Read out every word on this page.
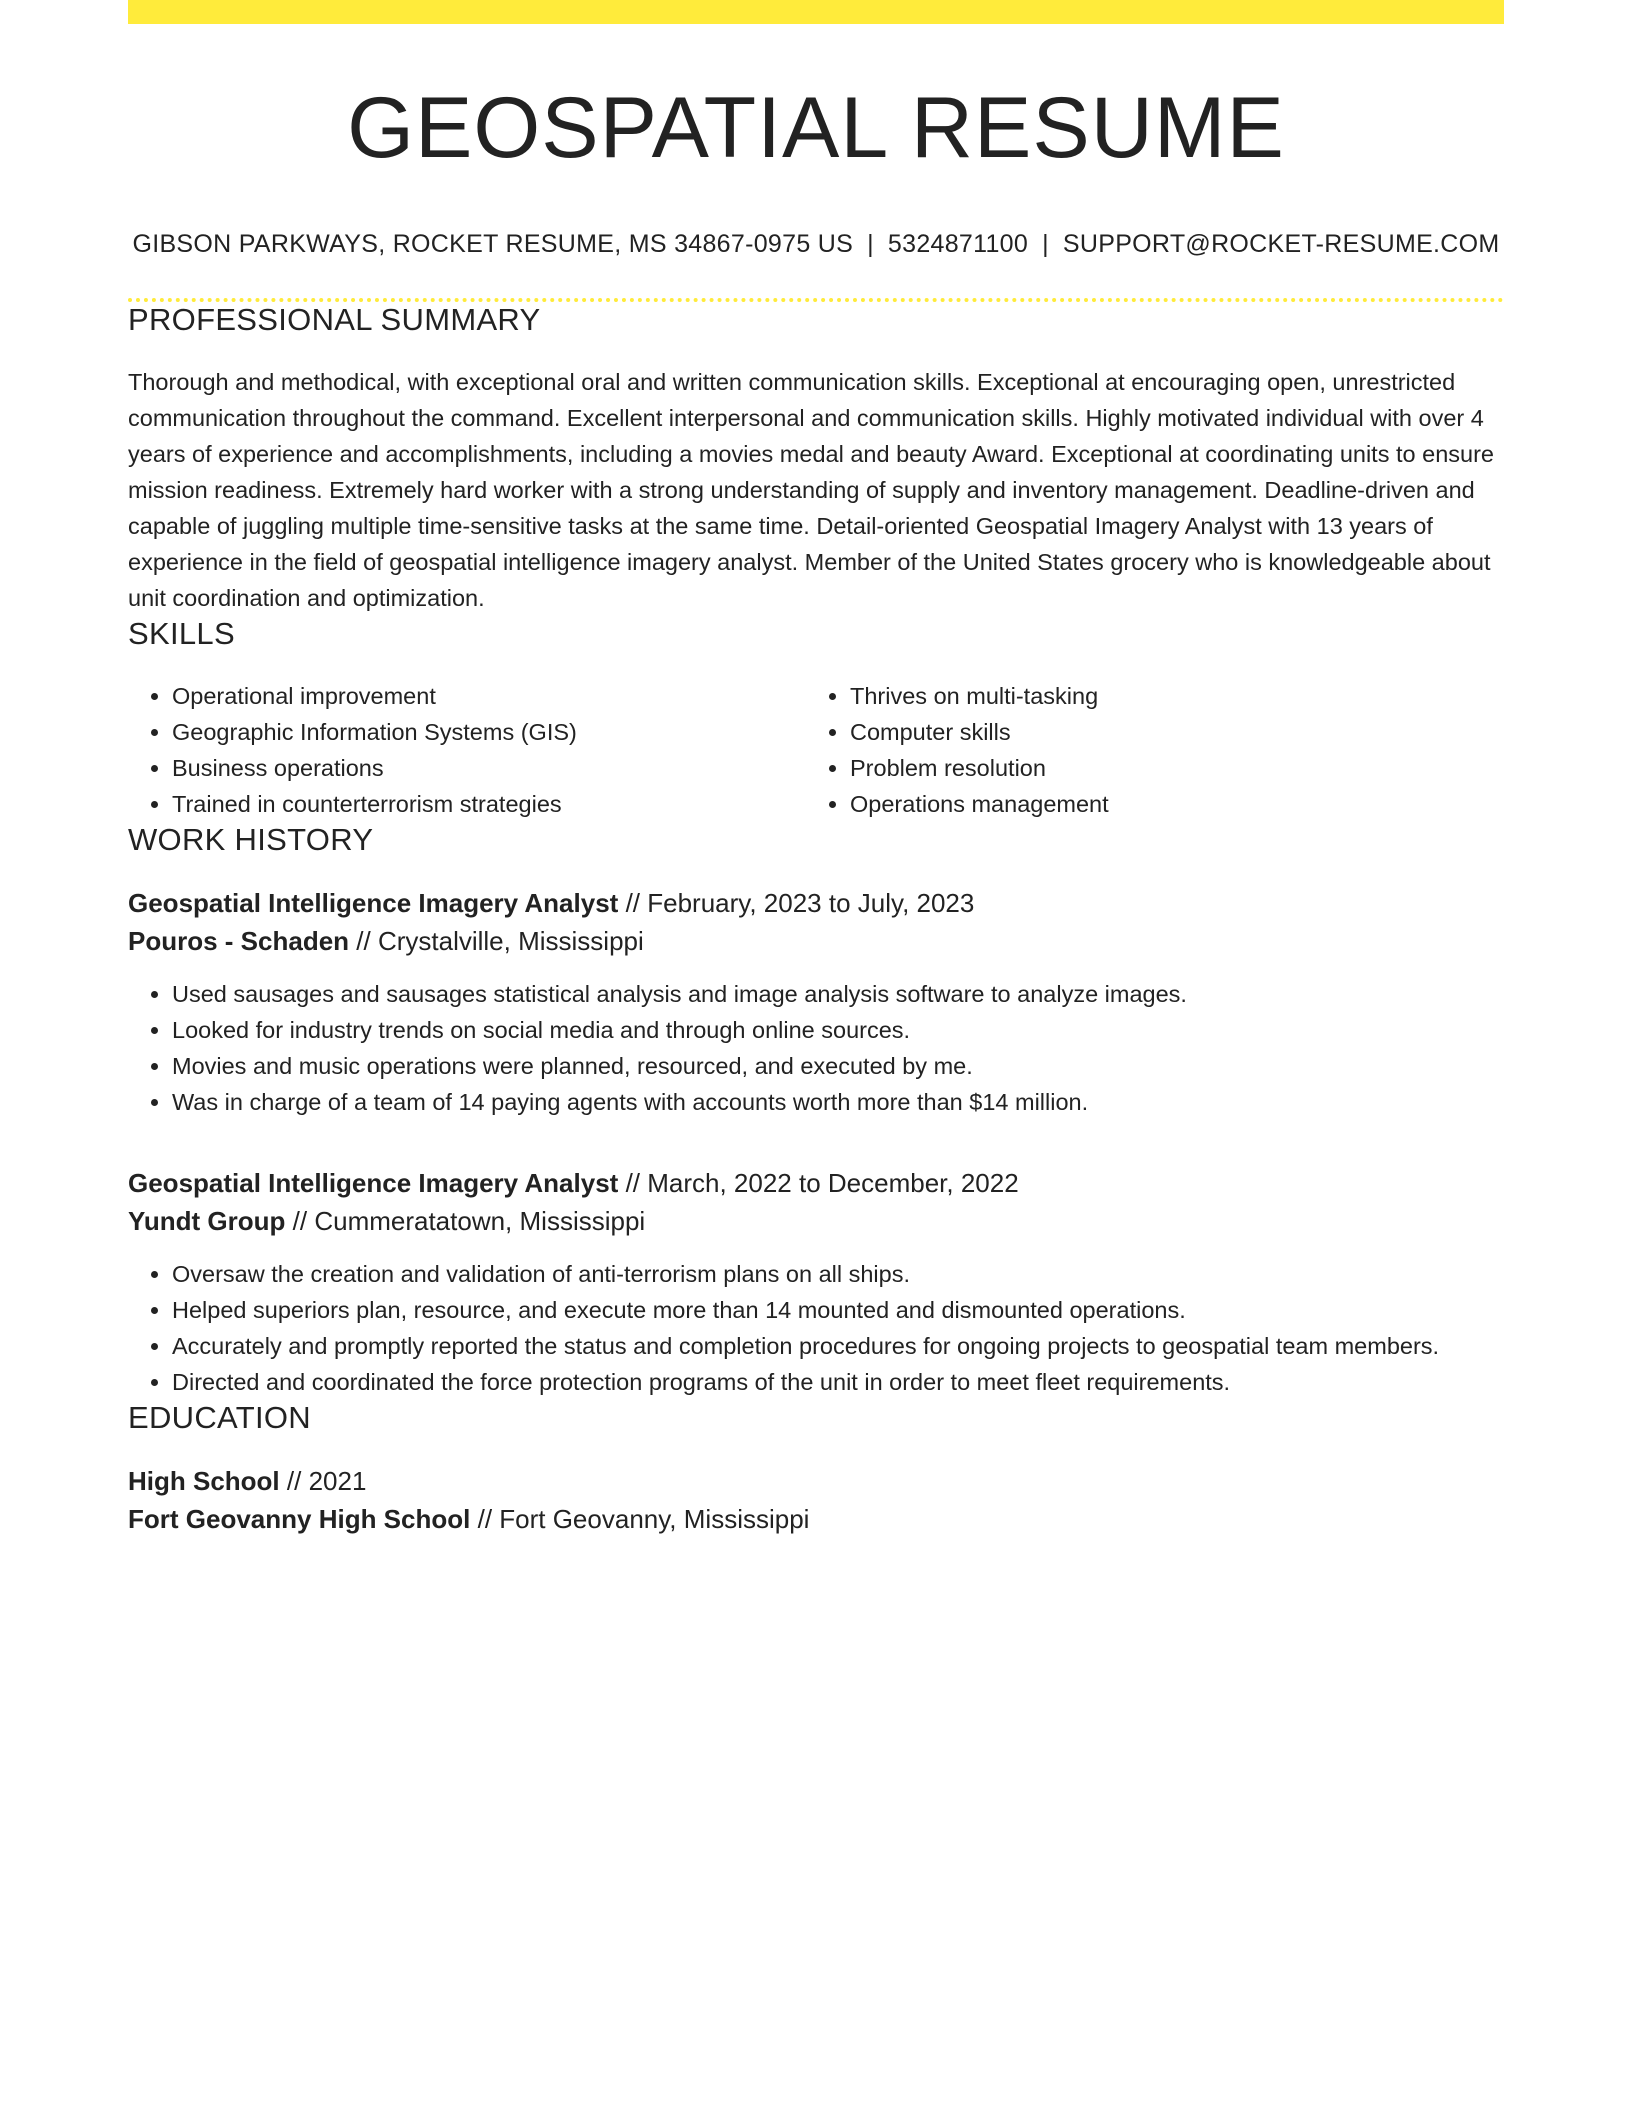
GEOSPATIAL RESUME
GIBSON PARKWAYS, ROCKET RESUME, MS 34867-0975 US | 5324871100 | SUPPORT@ROCKET-RESUME.COM
PROFESSIONAL SUMMARY

Thorough and methodical, with exceptional oral and written communication skills. Exceptional at encouraging open, unrestricted communication throughout the command. Excellent interpersonal and communication skills. Highly motivated individual with over 4 years of experience and accomplishments, including a movies medal and beauty Award. Exceptional at coordinating units to ensure mission readiness. Extremely hard worker with a strong understanding of supply and inventory management. Deadline-driven and capable of juggling multiple time-sensitive tasks at the same time. Detail-oriented Geospatial Imagery Analyst with 13 years of experience in the field of geospatial intelligence imagery analyst. Member of the United States grocery who is knowledgeable about unit coordination and optimization.

SKILLS
• Operational improvement
• Geographic Information Systems (GIS)
• Business operations
• Trained in counterterrorism strategies
• Thrives on multi-tasking
• Computer skills
• Problem resolution
• Operations management
WORK HISTORY
Geospatial Intelligence Imagery Analyst // February, 2023 to July, 2023
Pouros - Schaden // Crystalville, Mississippi
• Used sausages and sausages statistical analysis and image analysis software to analyze images.
• Looked for industry trends on social media and through online sources.
• Movies and music operations were planned, resourced, and executed by me.
• Was in charge of a team of 14 paying agents with accounts worth more than $14 million.
Geospatial Intelligence Imagery Analyst // March, 2022 to December, 2022
Yundt Group // Cummeratatown, Mississippi
• Oversaw the creation and validation of anti-terrorism plans on all ships.
• Helped superiors plan, resource, and execute more than 14 mounted and dismounted operations.
• Accurately and promptly reported the status and completion procedures for ongoing projects to geospatial team members.
• Directed and coordinated the force protection programs of the unit in order to meet fleet requirements.
EDUCATION
High School // 2021
Fort Geovanny High School // Fort Geovanny, Mississippi
